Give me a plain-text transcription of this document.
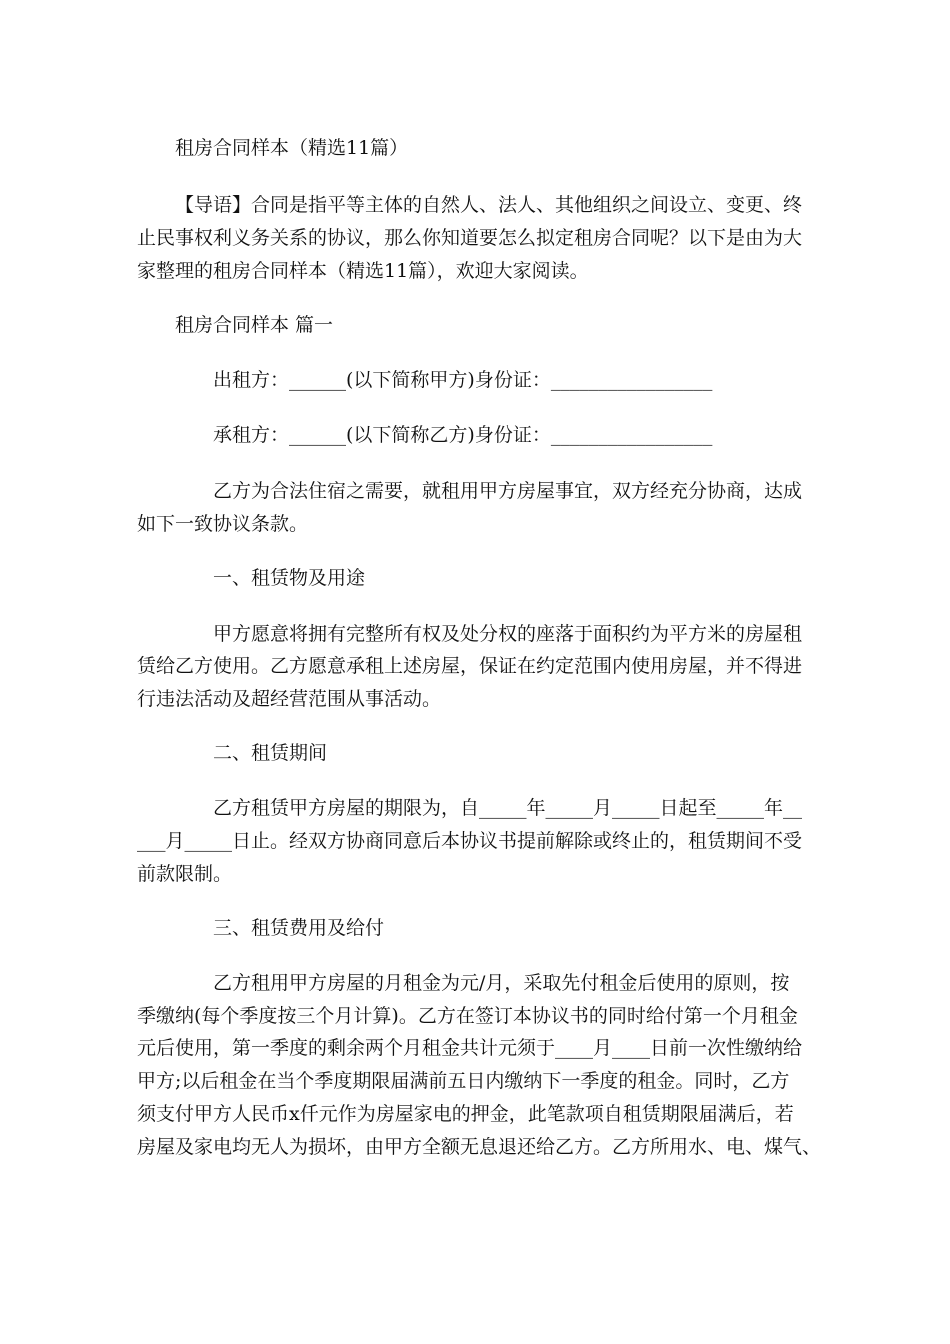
租房合同样本（精选11篇）
【导语】合同是指平等主体的自然人、法人、其他组织之间设立、变更、终
止民事权利义务关系的协议，那么你知道要怎么拟定租房合同呢？以下是由为大
家整理的租房合同样本（精选11篇），欢迎大家阅读。
租房合同样本 篇一
出租方：______(以下简称甲方)身份证：_________________
承租方：______(以下简称乙方)身份证：_________________
乙方为合法住宿之需要，就租用甲方房屋事宜，双方经充分协商，达成
如下一致协议条款。
一、租赁物及用途
甲方愿意将拥有完整所有权及处分权的座落于面积约为平方米的房屋租
赁给乙方使用。乙方愿意承租上述房屋，保证在约定范围内使用房屋，并不得进
行违法活动及超经营范围从事活动。
二、租赁期间
乙方租赁甲方房屋的期限为，自_____年_____月_____日起至_____年__
___月_____日止。经双方协商同意后本协议书提前解除或终止的，租赁期间不受
前款限制。
三、租赁费用及给付
乙方租用甲方房屋的月租金为元/月，采取先付租金后使用的原则，按
季缴纳(每个季度按三个月计算)。乙方在签订本协议书的同时给付第一个月租金
元后使用，第一季度的剩余两个月租金共计元须于____月____日前一次性缴纳给
甲方;以后租金在当个季度期限届满前五日内缴纳下一季度的租金。同时，乙方
须支付甲方人民币x仟元作为房屋家电的押金，此笔款项自租赁期限届满后，若
房屋及家电均无人为损坏，由甲方全额无息退还给乙方。乙方所用水、电、煤气、
